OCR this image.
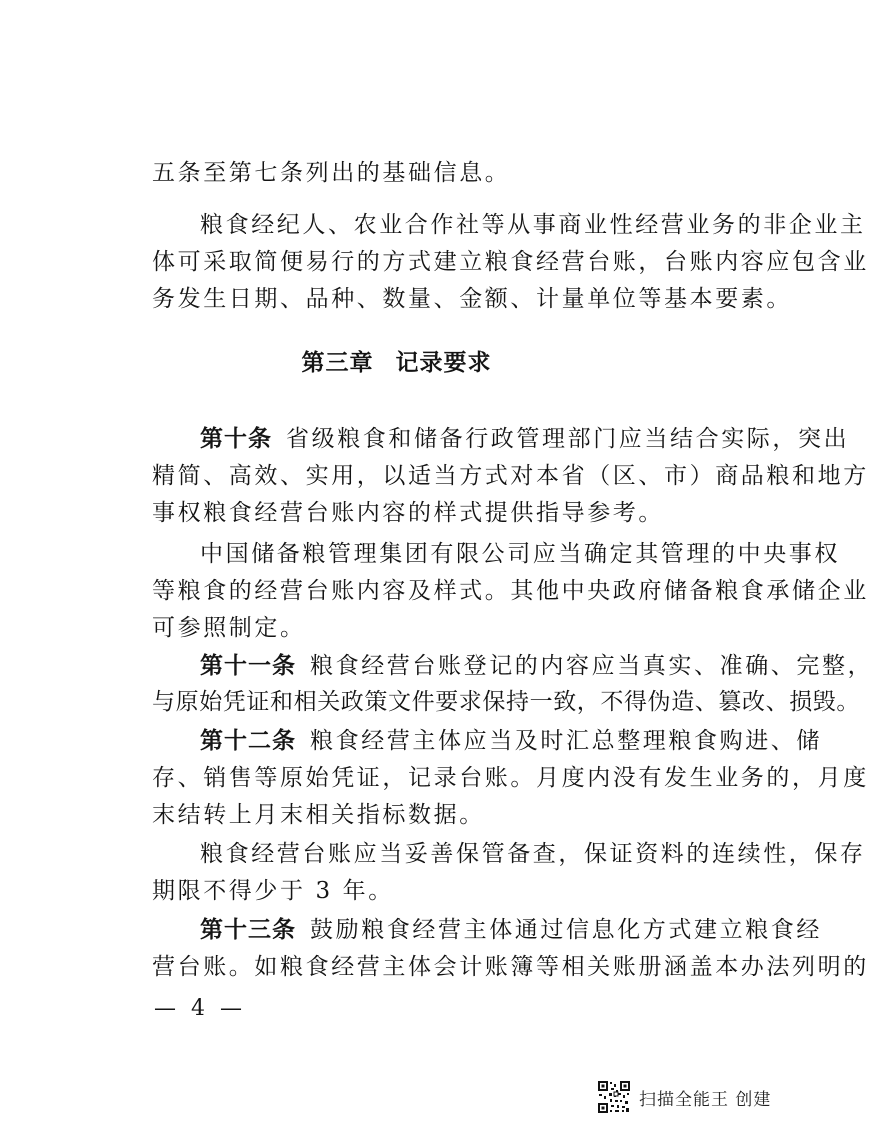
五条至第七条列出的基础信息。
粮食经纪人、农业合作社等从事商业性经营业务的非企业主
体可采取简便易行的方式建立粮食经营台账，台账内容应包含业
务发生日期、品种、数量、金额、计量单位等基本要素。
第三章 记录要求
第十条 省级粮食和储备行政管理部门应当结合实际，突出
精简、高效、实用，以适当方式对本省（区、市）商品粮和地方
事权粮食经营台账内容的样式提供指导参考。
中国储备粮管理集团有限公司应当确定其管理的中央事权
等粮食的经营台账内容及样式。其他中央政府储备粮食承储企业
可参照制定。
第十一条 粮食经营台账登记的内容应当真实、准确、完整，
与原始凭证和相关政策文件要求保持一致，不得伪造、篡改、损毁。
第十二条 粮食经营主体应当及时汇总整理粮食购进、储
存、销售等原始凭证，记录台账。月度内没有发生业务的，月度
末结转上月末相关指标数据。
粮食经营台账应当妥善保管备查，保证资料的连续性，保存
期限不得少于 3 年。
第十三条 鼓励粮食经营主体通过信息化方式建立粮食经
营台账。如粮食经营主体会计账簿等相关账册涵盖本办法列明的
— 4 —
扫描全能王 创建
